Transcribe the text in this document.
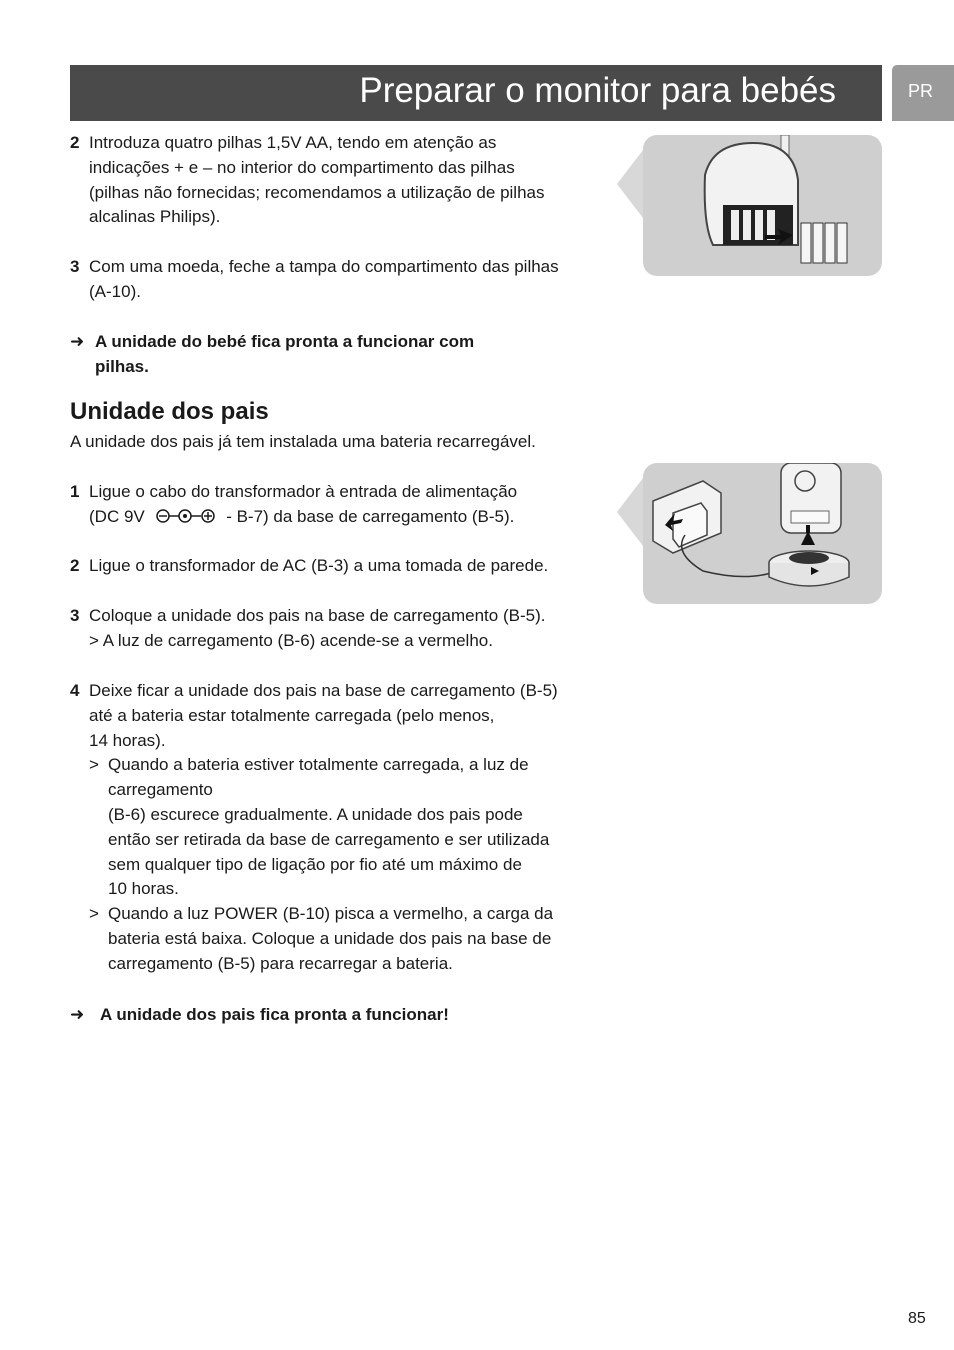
Preparar o monitor para bebés	PR
2 Introduza quatro pilhas 1,5V AA, tendo em atenção as
indicações + e – no interior do compartimento das pilhas
(pilhas não fornecidas; recomendamos a utilização de pilhas
alcalinas Philips).
3 Com uma moeda, feche a tampa do compartimento das pilhas
(A-10).
➜ A unidade do bebé fica pronta a funcionar com
pilhas.
Unidade dos pais
A unidade dos pais já tem instalada uma bateria recarregável.
1 Ligue o cabo do transformador à entrada de alimentação
(DC 9V	- B-7) da base de carregamento (B-5).
2 Ligue o transformador de AC (B-3) a uma tomada de parede.
3 Coloque a unidade dos pais na base de carregamento (B-5).
> A luz de carregamento (B-6) acende-se a vermelho.
4 Deixe ficar a unidade dos pais na base de carregamento (B-5)
até a bateria estar totalmente carregada (pelo menos,
14 horas).
> Quando a bateria estiver totalmente carregada, a luz de
carregamento
(B-6) escurece gradualmente. A unidade dos pais pode
então ser retirada da base de carregamento e ser utilizada
sem qualquer tipo de ligação por fio até um máximo de
10 horas.
> Quando a luz POWER (B-10) pisca a vermelho, a carga da
bateria está baixa. Coloque a unidade dos pais na base de
carregamento (B-5) para recarregar a bateria.
➜ A unidade dos pais fica pronta a funcionar!
85
